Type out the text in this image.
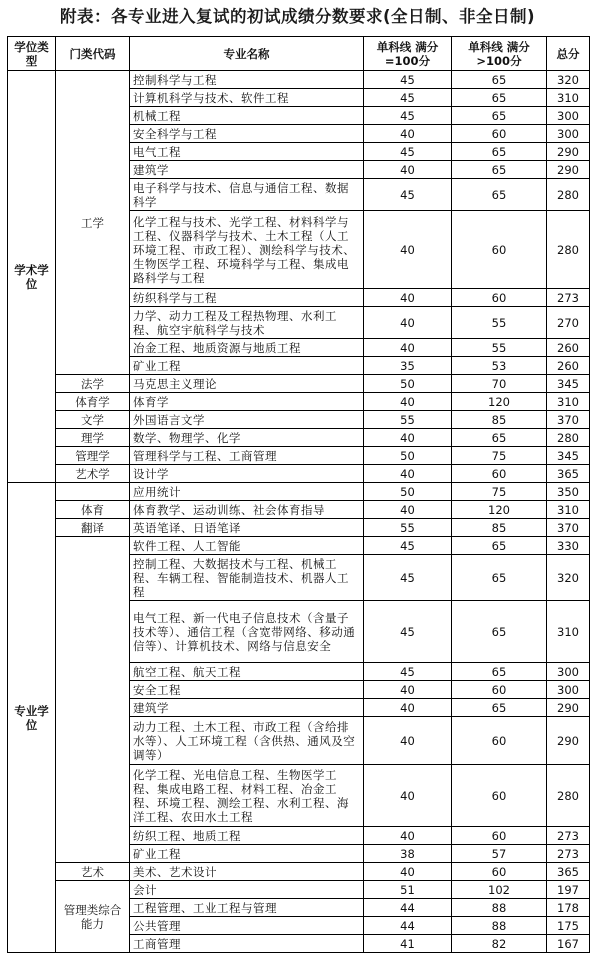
附表：各专业进入复试的初试成绩分数要求(全日制、非全日制)
学位类型	门类代码	专业名称	单科线 满分=100分	单科线 满分>100分	总分
学术学位	工学	控制科学与工程	45	65	320
		计算机科学与技术、软件工程	45	65	310
		机械工程	45	65	300
		安全科学与工程	40	60	300
		电气工程	45	65	290
		建筑学	40	65	290
		电子科学与技术、信息与通信工程、数据科学	45	65	280
		化学工程与技术、光学工程、材料科学与工程、仪器科学与技术、土木工程（人工环境工程、市政工程）、测绘科学与技术、生物医学工程、环境科学与工程、集成电路科学与工程	40	60	280
		纺织科学与工程	40	60	273
		力学、动力工程及工程热物理、水利工程、航空宇航科学与技术	40	55	270
		冶金工程、地质资源与地质工程	40	55	260
		矿业工程	35	53	260
	法学	马克思主义理论	50	70	345
	体育学	体育学	40	120	310
	文学	外国语言文学	55	85	370
	理学	数学、物理学、化学	40	65	280
	管理学	管理科学与工程、工商管理	50	75	345
	艺术学	设计学	40	60	365
专业学位		应用统计	50	75	350
	体育	体育教学、运动训练、社会体育指导	40	120	310
	翻译	英语笔译、日语笔译	55	85	370
		软件工程、人工智能	45	65	330
		控制工程、大数据技术与工程、机械工程、车辆工程、智能制造技术、机器人工程	45	65	320
		电气工程、新一代电子信息技术（含量子技术等）、通信工程（含宽带网络、移动通信等）、计算机技术、网络与信息安全	45	65	310
		航空工程、航天工程	45	65	300
		安全工程	40	60	300
		建筑学	40	65	290
		动力工程、土木工程、市政工程（含给排水等）、人工环境工程（含供热、通风及空调等）	40	60	290
		化学工程、光电信息工程、生物医学工程、集成电路工程、材料工程、冶金工程、环境工程、测绘工程、水利工程、海洋工程、农田水土工程	40	60	280
		纺织工程、地质工程	40	60	273
		矿业工程	38	57	273
	艺术	美术、艺术设计	40	60	365
	管理类综合能力	会计	51	102	197
		工程管理、工业工程与管理	44	88	178
		公共管理	44	88	175
		工商管理	41	82	167
